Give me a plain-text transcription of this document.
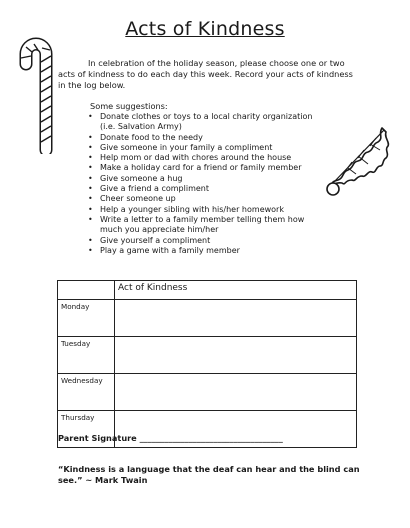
Acts of Kindness
In celebration of the holiday season, please choose one or two acts of kindness to do each day this week. Record your acts of kindness in the log below.
Some suggestions:
• Donate clothes or toys to a local charity organization (i.e. Salvation Army)
• Donate food to the needy
• Give someone in your family a compliment
• Help mom or dad with chores around the house
• Make a holiday card for a friend or family member
• Give someone a hug
• Give a friend a compliment
• Cheer someone up
• Help a younger sibling with his/her homework
• Write a letter to a family member telling them how much you appreciate him/her
• Give yourself a compliment
• Play a game with a family member
	Act of Kindness
Monday	
Tuesday	
Wednesday	
Thursday	
Parent Signature ___________________________________
“Kindness is a language that the deaf can hear and the blind can see.” ~ Mark Twain
